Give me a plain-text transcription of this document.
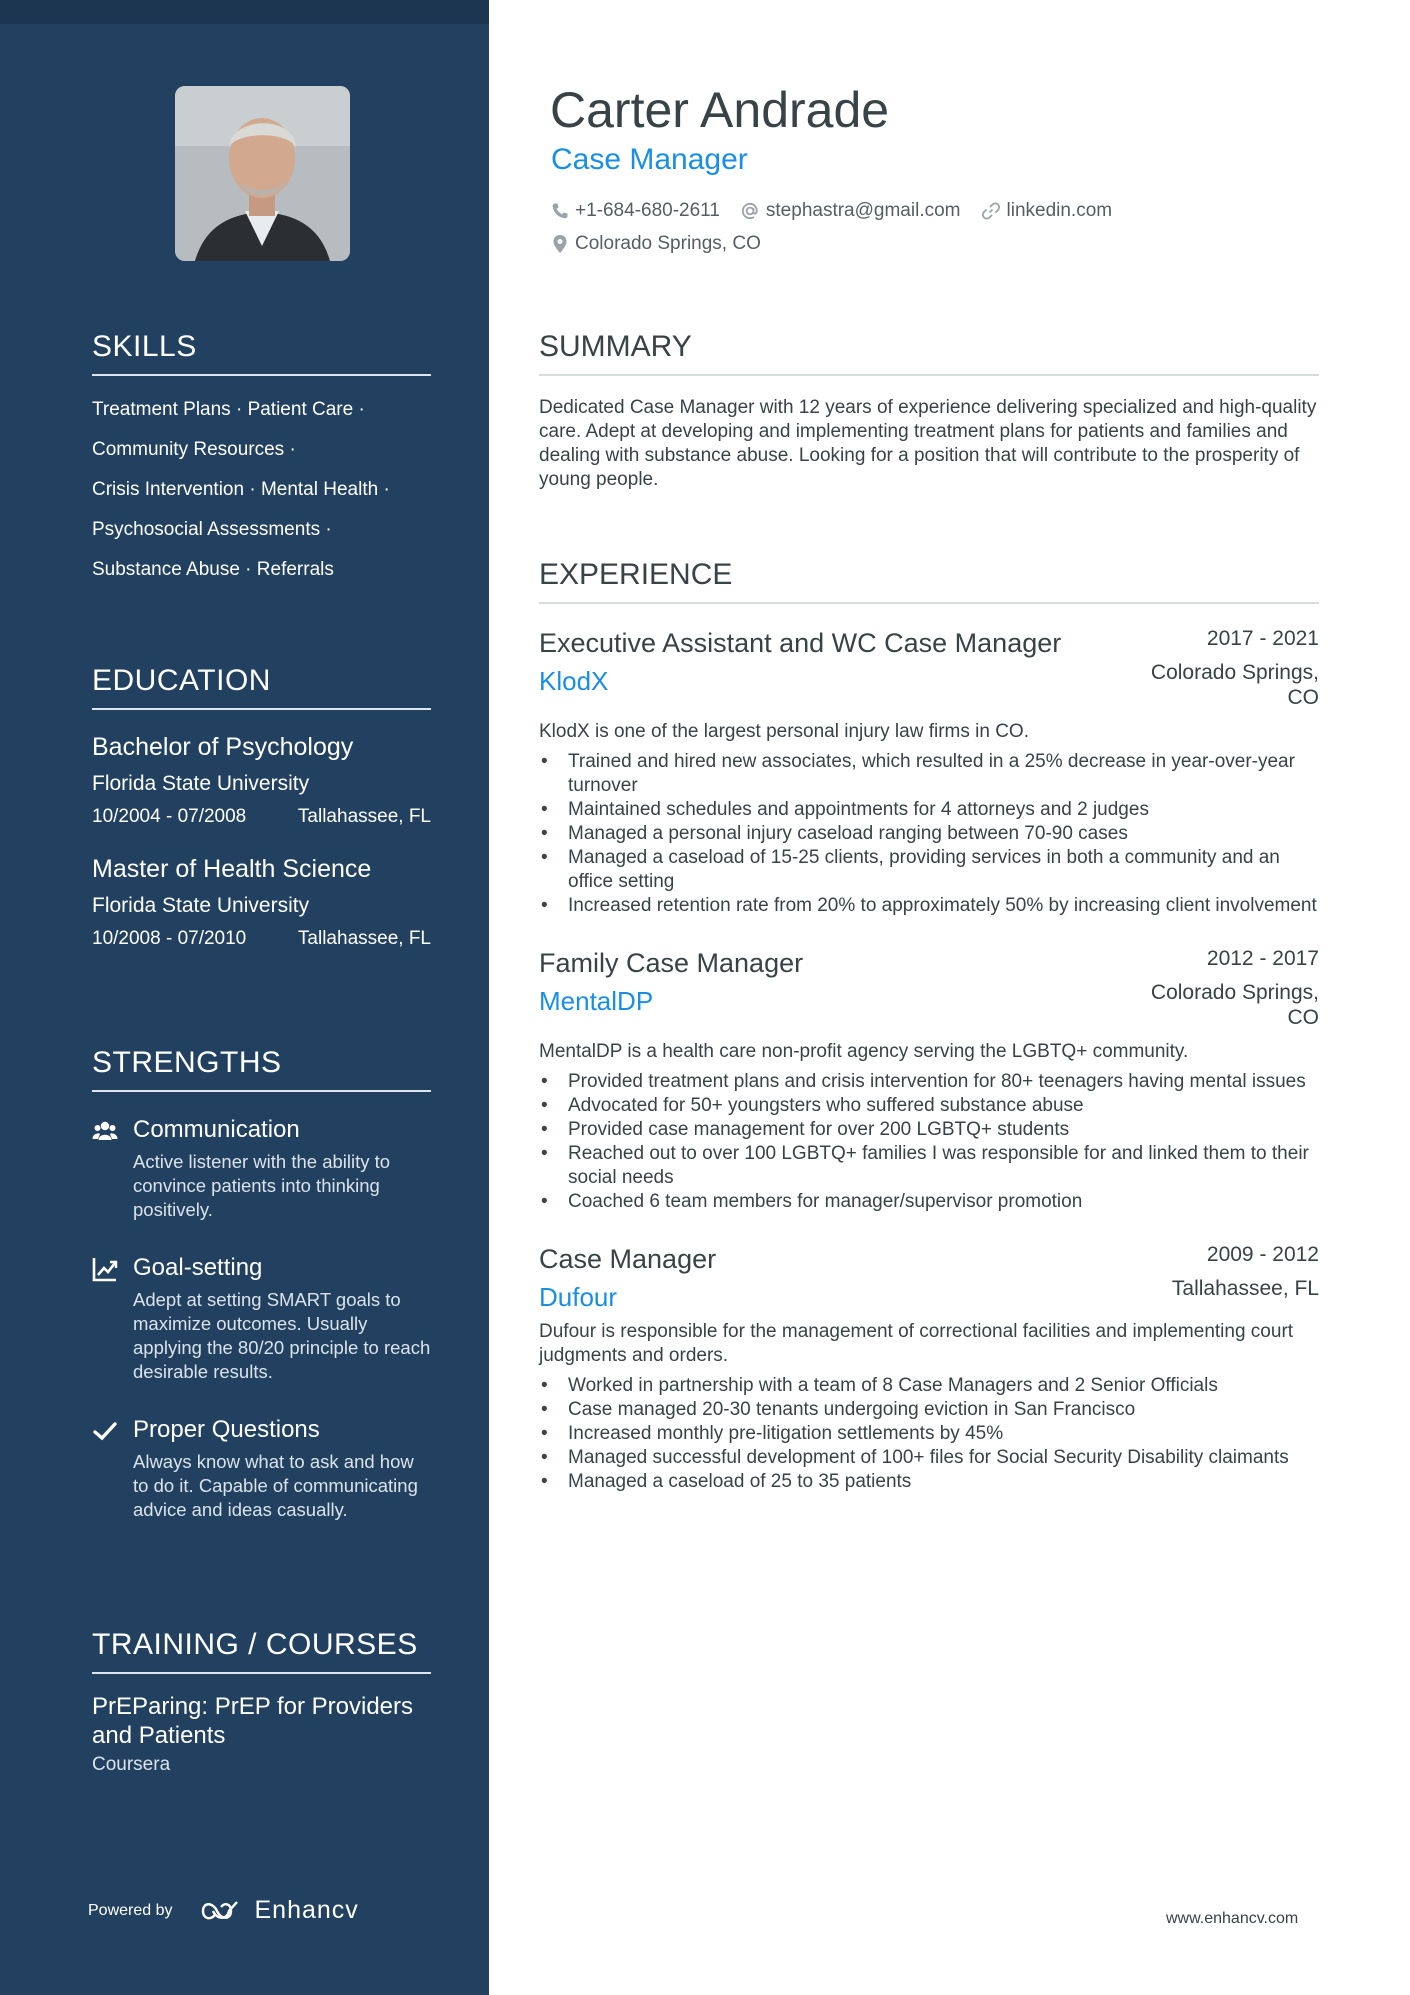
SKILLS
Treatment Plans · Patient Care ·
Community Resources ·
Crisis Intervention · Mental Health ·
Psychosocial Assessments ·
Substance Abuse · Referrals
EDUCATION
Bachelor of Psychology
Florida State University
10/2004 - 07/2008	Tallahassee, FL
Master of Health Science
Florida State University
10/2008 - 07/2010	Tallahassee, FL
STRENGTHS
Communication
Active listener with the ability to convince patients into thinking positively.
Goal-setting
Adept at setting SMART goals to maximize outcomes. Usually applying the 80/20 principle to reach desirable results.
Proper Questions
Always know what to ask and how to do it. Capable of communicating advice and ideas casually.
TRAINING / COURSES
PrEParing: PrEP for Providers and Patients
Coursera
Powered by	Enhancv
Carter Andrade
Case Manager
+1-684-680-2611 stephastra@gmail.com linkedin.com
Colorado Springs, CO
SUMMARY

Dedicated Case Manager with 12 years of experience delivering specialized and high-quality care. Adept at developing and implementing treatment plans for patients and families and dealing with substance abuse. Looking for a position that will contribute to the prosperity of young people.

EXPERIENCE
Executive Assistant and WC Case Manager
KlodX
2017 - 2021
Colorado Springs, CO
KlodX is one of the largest personal injury law firms in CO.
• Trained and hired new associates, which resulted in a 25% decrease in year-over-year turnover
• Maintained schedules and appointments for 4 attorneys and 2 judges
• Managed a personal injury caseload ranging between 70-90 cases
• Managed a caseload of 15-25 clients, providing services in both a community and an office setting
• Increased retention rate from 20% to approximately 50% by increasing client involvement
Family Case Manager
MentalDP
2012 - 2017
Colorado Springs, CO
MentalDP is a health care non-profit agency serving the LGBTQ+ community.
• Provided treatment plans and crisis intervention for 80+ teenagers having mental issues
• Advocated for 50+ youngsters who suffered substance abuse
• Provided case management for over 200 LGBTQ+ students
• Reached out to over 100 LGBTQ+ families I was responsible for and linked them to their social needs
• Coached 6 team members for manager/supervisor promotion
Case Manager
Dufour
2009 - 2012
Tallahassee, FL
Dufour is responsible for the management of correctional facilities and implementing court judgments and orders.
• Worked in partnership with a team of 8 Case Managers and 2 Senior Officials
• Case managed 20-30 tenants undergoing eviction in San Francisco
• Increased monthly pre-litigation settlements by 45%
• Managed successful development of 100+ files for Social Security Disability claimants
• Managed a caseload of 25 to 35 patients
www.enhancv.com
